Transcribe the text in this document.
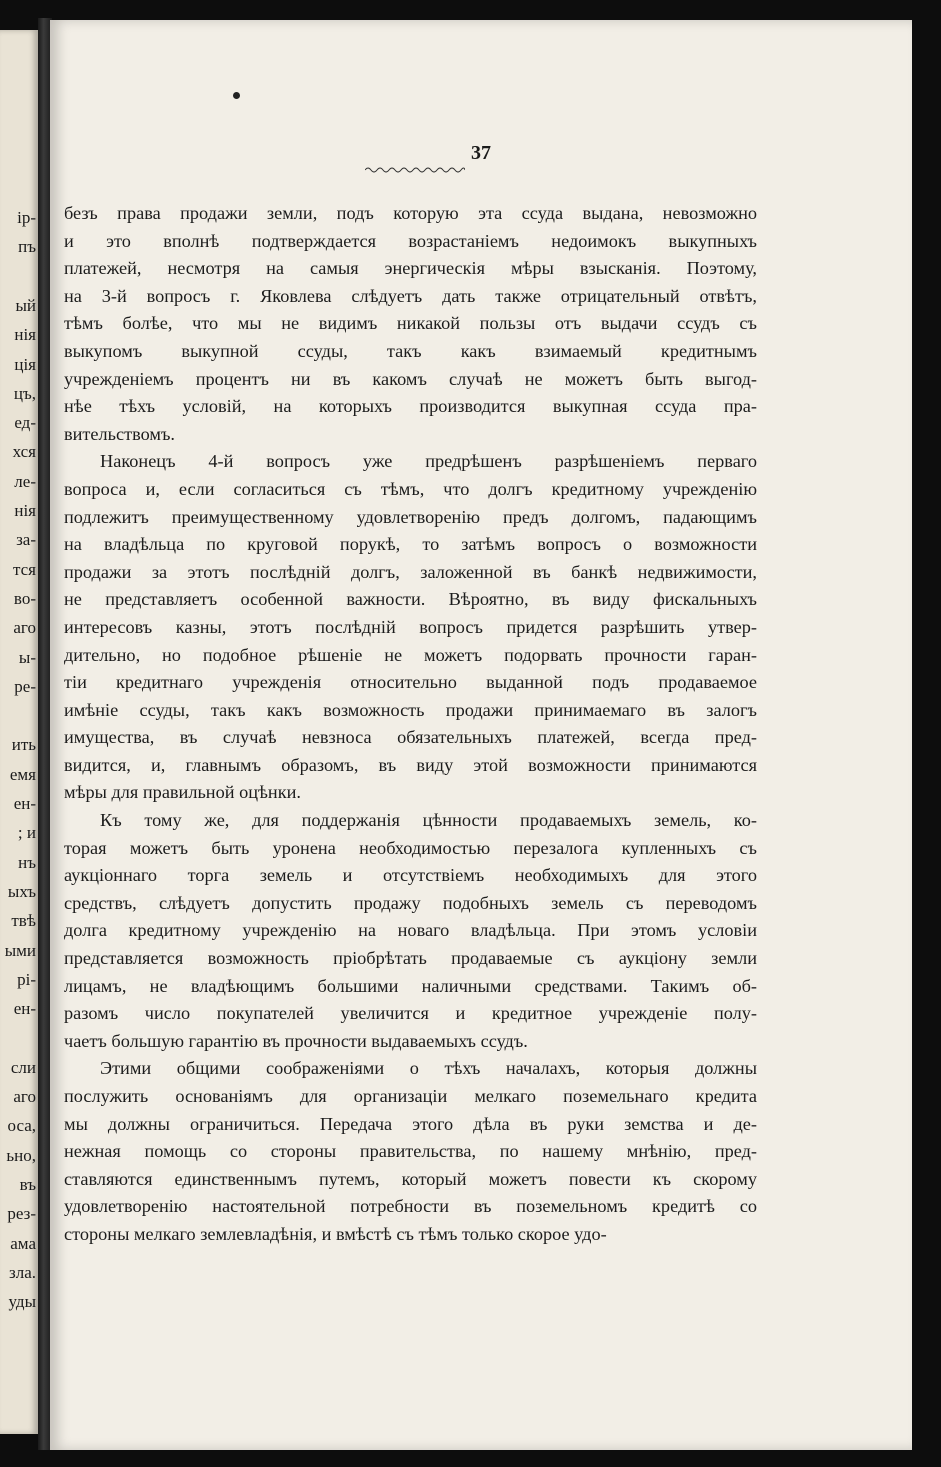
ір-
пъ
ый
нія
ція
цъ,
ед-
хся
ле-
нія
за-
тся
во-
аго
ы-
ре-
ить
емя
ен-
; и
нъ
ыхъ
твѣ
ыми
рі-
ен-
сли
аго
оса,
ьно,
въ
рез-
ама
зла.
уды
37
безъ права продажи земли, подъ которую эта ссуда выдана, невозможно
и это вполнѣ подтверждается возрастаніемъ недоимокъ выкупныхъ
платежей, несмотря на самыя энергическія мѣры взысканія. Поэтому,
на 3-й вопросъ г. Яковлева слѣдуетъ дать также отрицательный отвѣтъ,
тѣмъ болѣе, что мы не видимъ никакой пользы отъ выдачи ссудъ съ
выкупомъ выкупной ссуды, такъ какъ взимаемый кредитнымъ
учрежденіемъ процентъ ни въ какомъ случаѣ не можетъ быть выгод-
нѣе тѣхъ условій, на которыхъ производится выкупная ссуда пра-
вительствомъ.
Наконецъ 4-й вопросъ уже предрѣшенъ разрѣшеніемъ перваго
вопроса и, если согласиться съ тѣмъ, что долгъ кредитному учрежденію
подлежитъ преимущественному удовлетворенію предъ долгомъ, падающимъ
на владѣльца по круговой порукѣ, то затѣмъ вопросъ о возможности
продажи за этотъ послѣдній долгъ, заложенной въ банкѣ недвижимости,
не представляетъ особенной важности. Вѣроятно, въ виду фискальныхъ
интересовъ казны, этотъ послѣдній вопросъ придется разрѣшить утвер-
дительно, но подобное рѣшеніе не можетъ подорвать прочности гаран-
тіи кредитнаго учрежденія относительно выданной подъ продаваемое
имѣніе ссуды, такъ какъ возможность продажи принимаемаго въ залогъ
имущества, въ случаѣ невзноса обязательныхъ платежей, всегда пред-
видится, и, главнымъ образомъ, въ виду этой возможности принимаются
мѣры для правильной оцѣнки.
Къ тому же, для поддержанія цѣнности продаваемыхъ земель, ко-
торая можетъ быть уронена необходимостью перезалога купленныхъ съ
аукціоннаго торга земель и отсутствіемъ необходимыхъ для этого
средствъ, слѣдуетъ допустить продажу подобныхъ земель съ переводомъ
долга кредитному учрежденію на новаго владѣльца. При этомъ условіи
представляется возможность пріобрѣтать продаваемые съ аукціону земли
лицамъ, не владѣющимъ большими наличными средствами. Такимъ об-
разомъ число покупателей увеличится и кредитное учрежденіе полу-
чаетъ большую гарантію въ прочности выдаваемыхъ ссудъ.
Этими общими соображеніями о тѣхъ началахъ, которыя должны
послужить основаніямъ для организаціи мелкаго поземельнаго кредита
мы должны ограничиться. Передача этого дѣла въ руки земства и де-
нежная помощь со стороны правительства, по нашему мнѣнію, пред-
ставляются единственнымъ путемъ, который можетъ повести къ скорому
удовлетворенію настоятельной потребности въ поземельномъ кредитѣ со
стороны мелкаго землевладѣнія, и вмѣстѣ съ тѣмъ только скорое удо-
